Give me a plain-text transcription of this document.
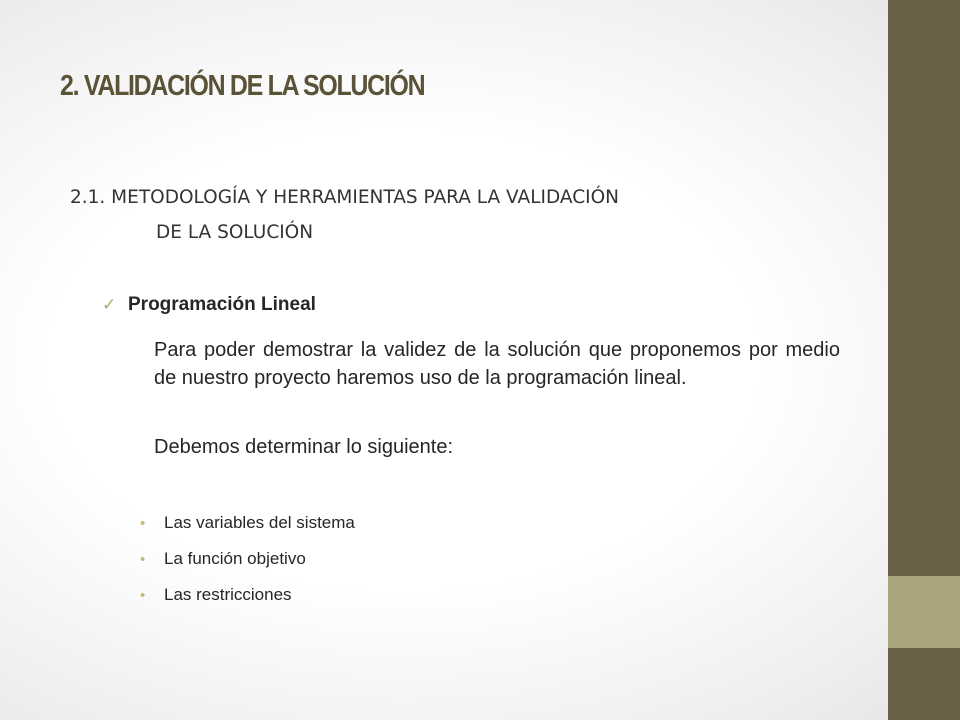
2. VALIDACIÓN DE LA SOLUCIÓN
2.1. METODOLOGÍA Y HERRAMIENTAS PARA LA VALIDACIÓN
DE LA SOLUCIÓN
✓ Programación Lineal

Para poder demostrar la validez de la solución que proponemos por medio de nuestro proyecto haremos uso de la programación lineal.

Debemos determinar lo siguiente:

•	Las variables del sistema
•	La función objetivo
•	Las restricciones
